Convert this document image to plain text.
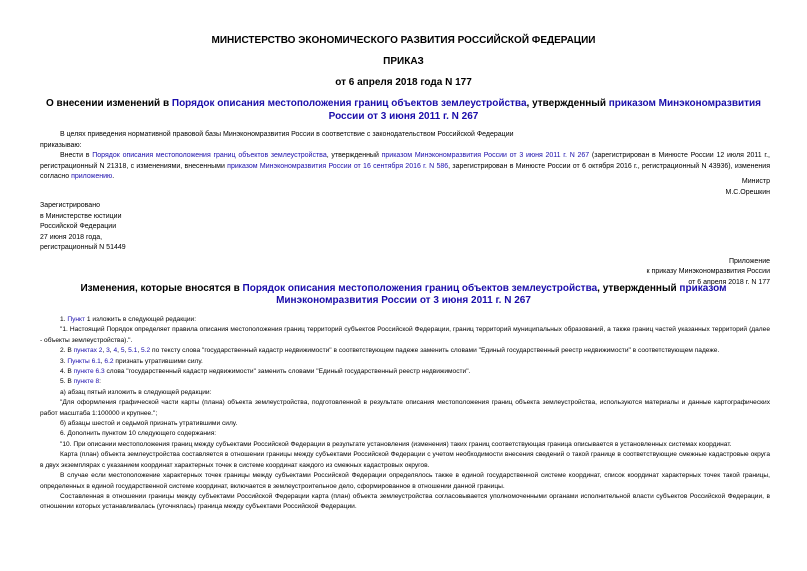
МИНИСТЕРСТВО ЭКОНОМИЧЕСКОГО РАЗВИТИЯ РОССИЙСКОЙ ФЕДЕРАЦИИ
ПРИКАЗ
от 6 апреля 2018 года N 177
О внесении изменений в Порядок описания местоположения границ объектов землеустройства, утвержденный приказом Минэкономразвития России от 3 июня 2011 г. N 267
В целях приведения нормативной правовой базы Минэкономразвития России в соответствие с законодательством Российской Федерации
приказываю:
Внести в Порядок описания местоположения границ объектов землеустройства, утвержденный приказом Минэкономразвития России от 3 июня 2011 г. N 267 (зарегистрирован в Минюсте России 12 июля 2011 г., регистрационный N 21318, с изменениями, внесенными приказом Минэкономразвития России от 16 сентября 2016 г. N 586, зарегистрирован в Минюсте России от 6 октября 2016 г., регистрационный N 43936), изменения согласно приложению.
Министр
М.С.Орешкин
Зарегистрировано
в Министерстве юстиции
Российской Федерации
27 июня 2018 года,
регистрационный N 51449
Приложение
к приказу Минэкономразвития России
от 6 апреля 2018 г. N 177
Изменения, которые вносятся в Порядок описания местоположения границ объектов землеустройства, утвержденный приказом Минэкономразвития России от 3 июня 2011 г. N 267
1. Пункт 1 изложить в следующей редакции:
"1. Настоящий Порядок определяет правила описания местоположения границ территорий субъектов Российской Федерации, границ территорий муниципальных образований, а также границ частей указанных территорий (далее - объекты землеустройства).".
2. В пунктах 2, 3, 4, 5, 5.1, 5.2 по тексту слова "государственный кадастр недвижимости" в соответствующем падеже заменить словами "Единый государственный реестр недвижимости" в соответствующем падеже.
3. Пункты 6.1, 6.2 признать утратившими силу.
4. В пункте 6.3 слова "государственный кадастр недвижимости" заменить словами "Единый государственный реестр недвижимости".
5. В пункте 8:
а) абзац пятый изложить в следующей редакции:
"Для оформления графической части карты (плана) объекта землеустройства, подготовленной в результате описания местоположения границ объекта землеустройства, используются материалы и данные картографических работ масштаба 1:100000 и крупнее.";
б) абзацы шестой и седьмой признать утратившими силу.
6. Дополнить пунктом 10 следующего содержания:
"10. При описании местоположения границ между субъектами Российской Федерации в результате установления (изменения) таких границ соответствующая граница описывается в установленных системах координат.
Карта (план) объекта землеустройства составляется в отношении границы между субъектами Российской Федерации с учетом необходимости внесения сведений о такой границе в соответствующие смежные кадастровые округа в двух экземплярах с указанием координат характерных точек в системе координат каждого из смежных кадастровых округов.
В случае если местоположение характерных точек границы между субъектами Российской Федерации определялось также в единой государственной системе координат, список координат характерных точек такой границы, определенных в единой государственной системе координат, включается в землеустроительное дело, сформированное в отношении данной границы.
Составленная в отношении границы между субъектами Российской Федерации карта (план) объекта землеустройства согласовывается уполномоченными органами исполнительной власти субъектов Российской Федерации, в отношении которых устанавливалась (уточнялась) граница между субъектами Российской Федерации.
